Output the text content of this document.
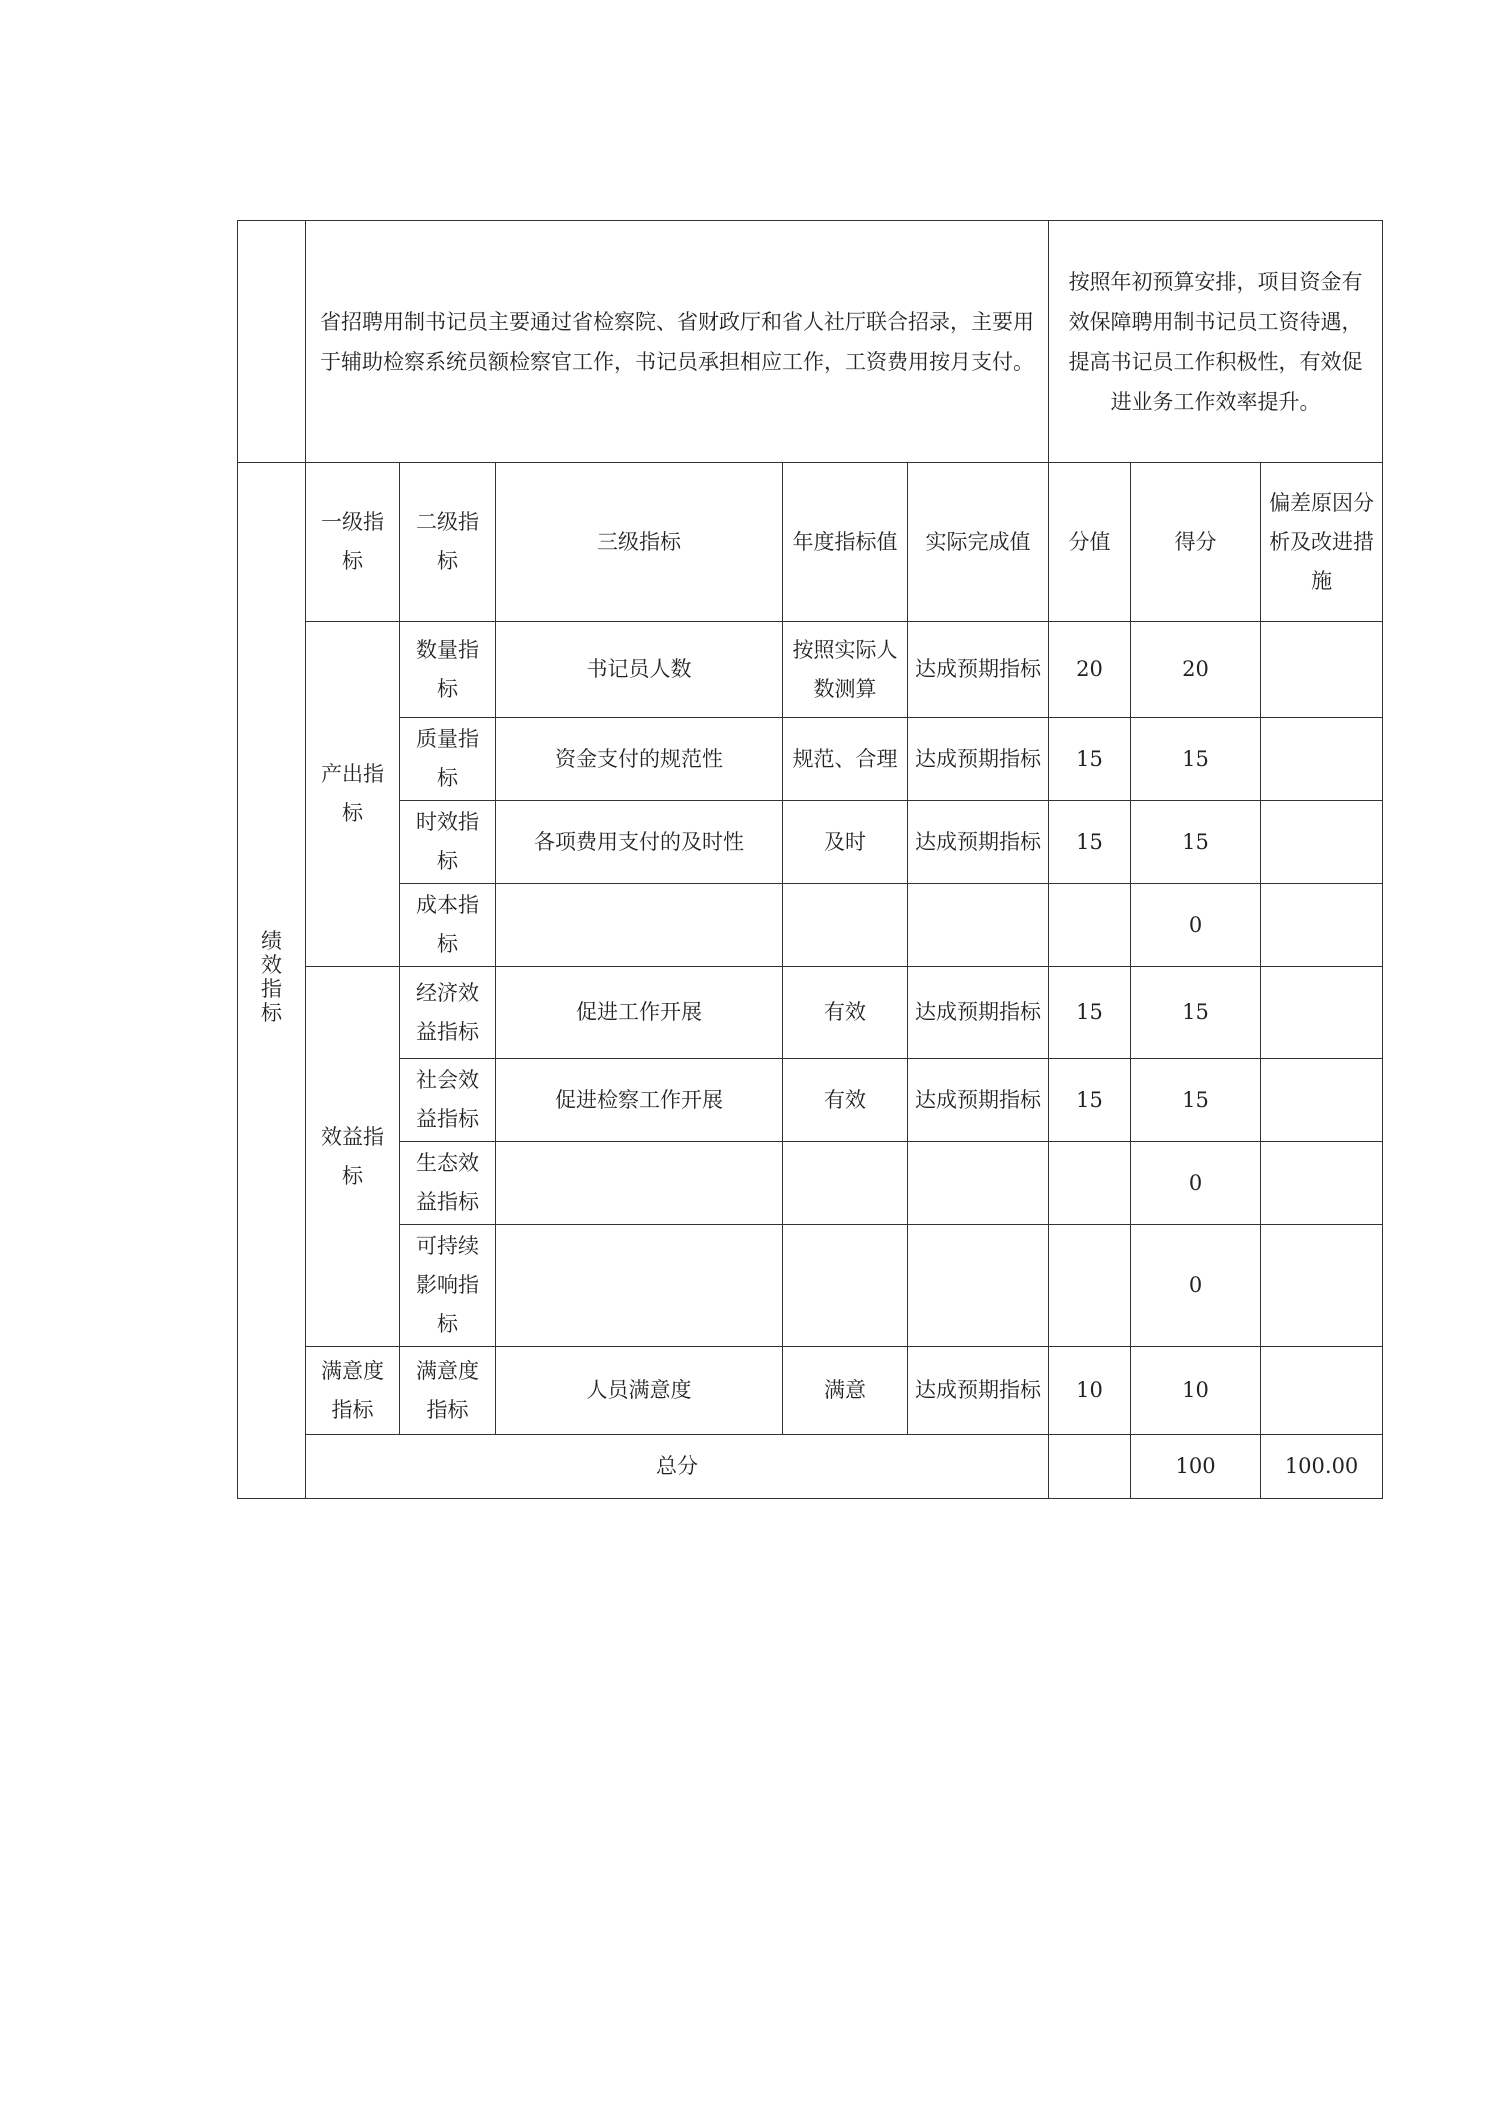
	省招聘用制书记员主要通过省检察院、省财政厅和省人社厅联合招录，主要用于辅助检察系统员额检察官工作，书记员承担相应工作，工资费用按月支付。					按照年初预算安排，项目资金有效保障聘用制书记员工资待遇，提高书记员工作积极性，有效促进业务工作效率提升。			
绩效指标	一级指标	二级指标	三级指标	年度指标值	实际完成值	分值	得分	偏差原因分析及改进措施	
	产出指标	数量指标	书记员人数	按照实际人数测算	达成预期指标	20	20		
		质量指标	资金支付的规范性	规范、合理	达成预期指标	15	15		
		时效指标	各项费用支付的及时性	及时	达成预期指标	15	15		
		成本指标					0		
	效益指标	经济效益指标	促进工作开展	有效	达成预期指标	15	15		
		社会效益指标	促进检察工作开展	有效	达成预期指标	15	15		
		生态效益指标					0		
		可持续影响指标					0		
	满意度指标	满意度指标	人员满意度	满意	达成预期指标	10	10		
	总分						100	100.00	
